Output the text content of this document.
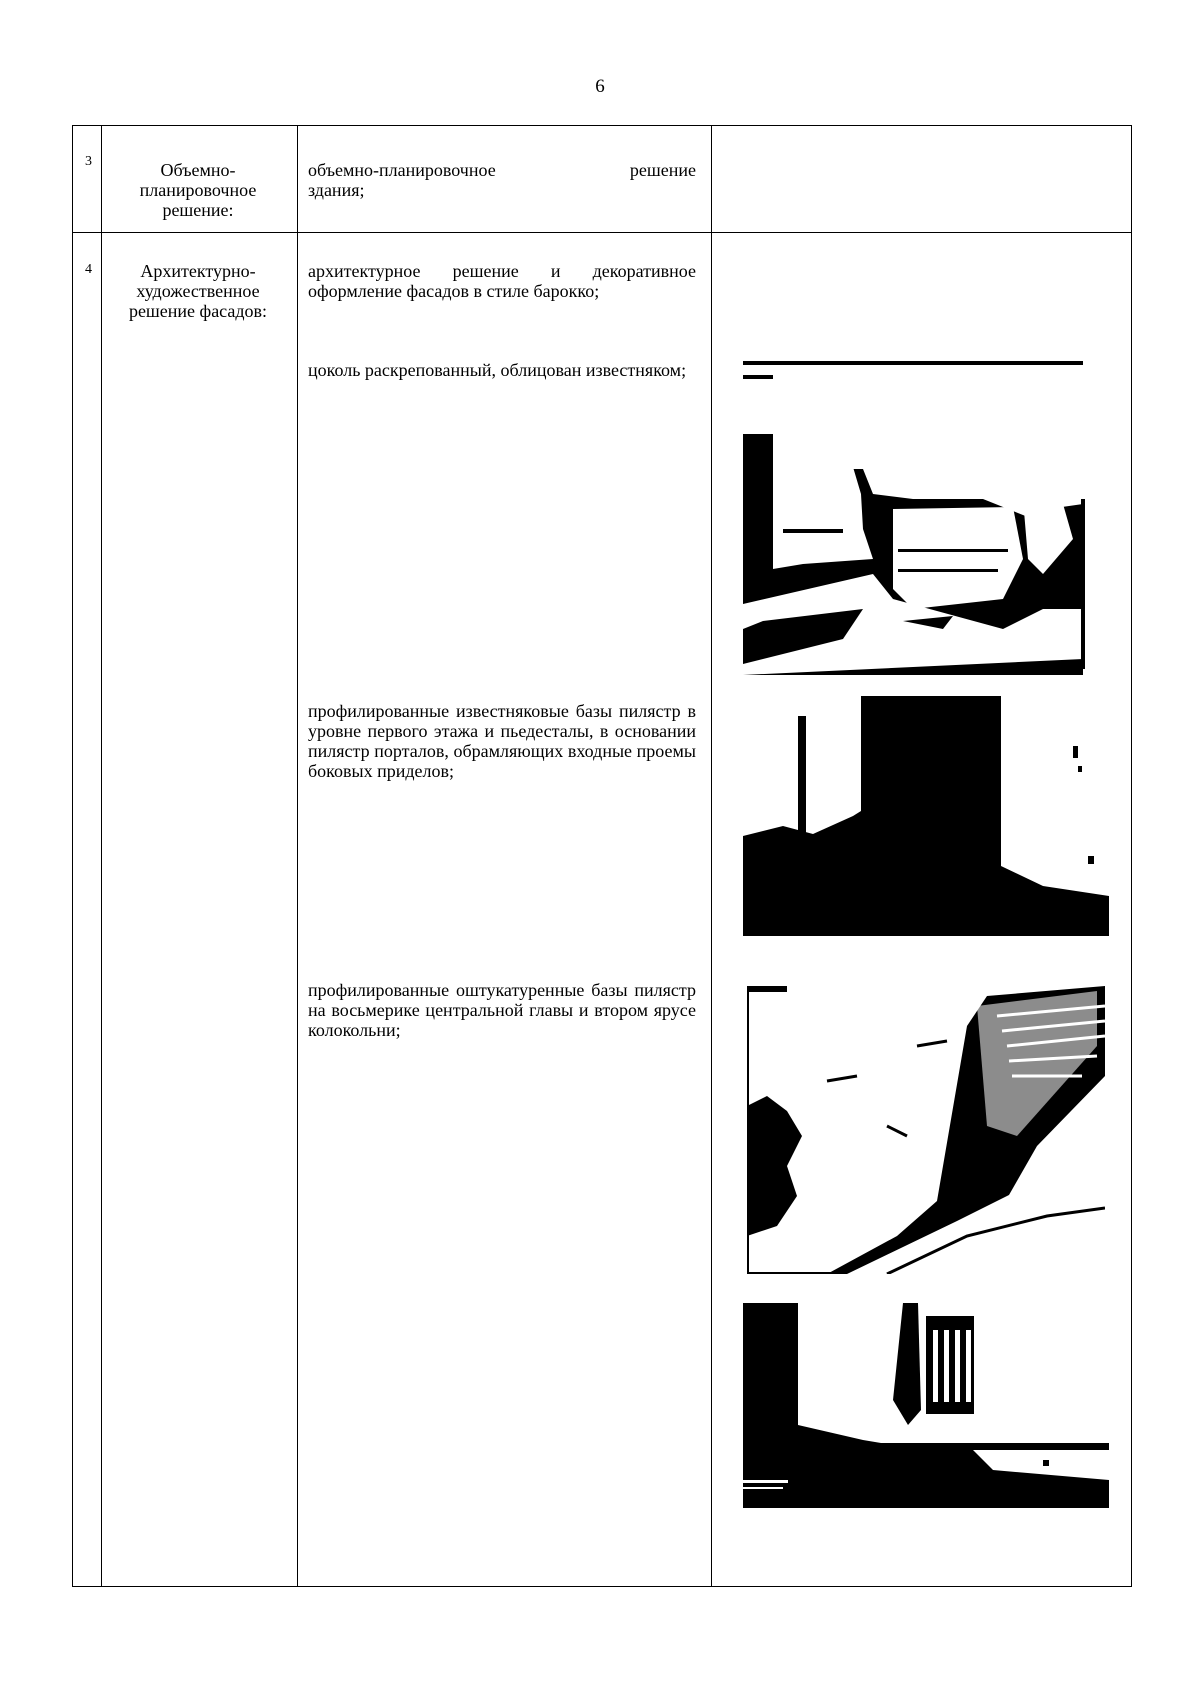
6
3	Объемно-планировочное решение:
объемно-планировочное решение
здания;
4	Архитектурно-художественное решение фасадов:
архитектурное решение и декоративное оформление фасадов в стиле барокко;
цоколь раскрепованный, облицован известняком;
профилированные известняковые базы пилястр в уровне первого этажа и пьедесталы, в основании пилястр порталов, обрамляющих входные проемы боковых приделов;
профилированные оштукатуренные базы пилястр на восьмерике центральной главы и втором ярусе колокольни;
